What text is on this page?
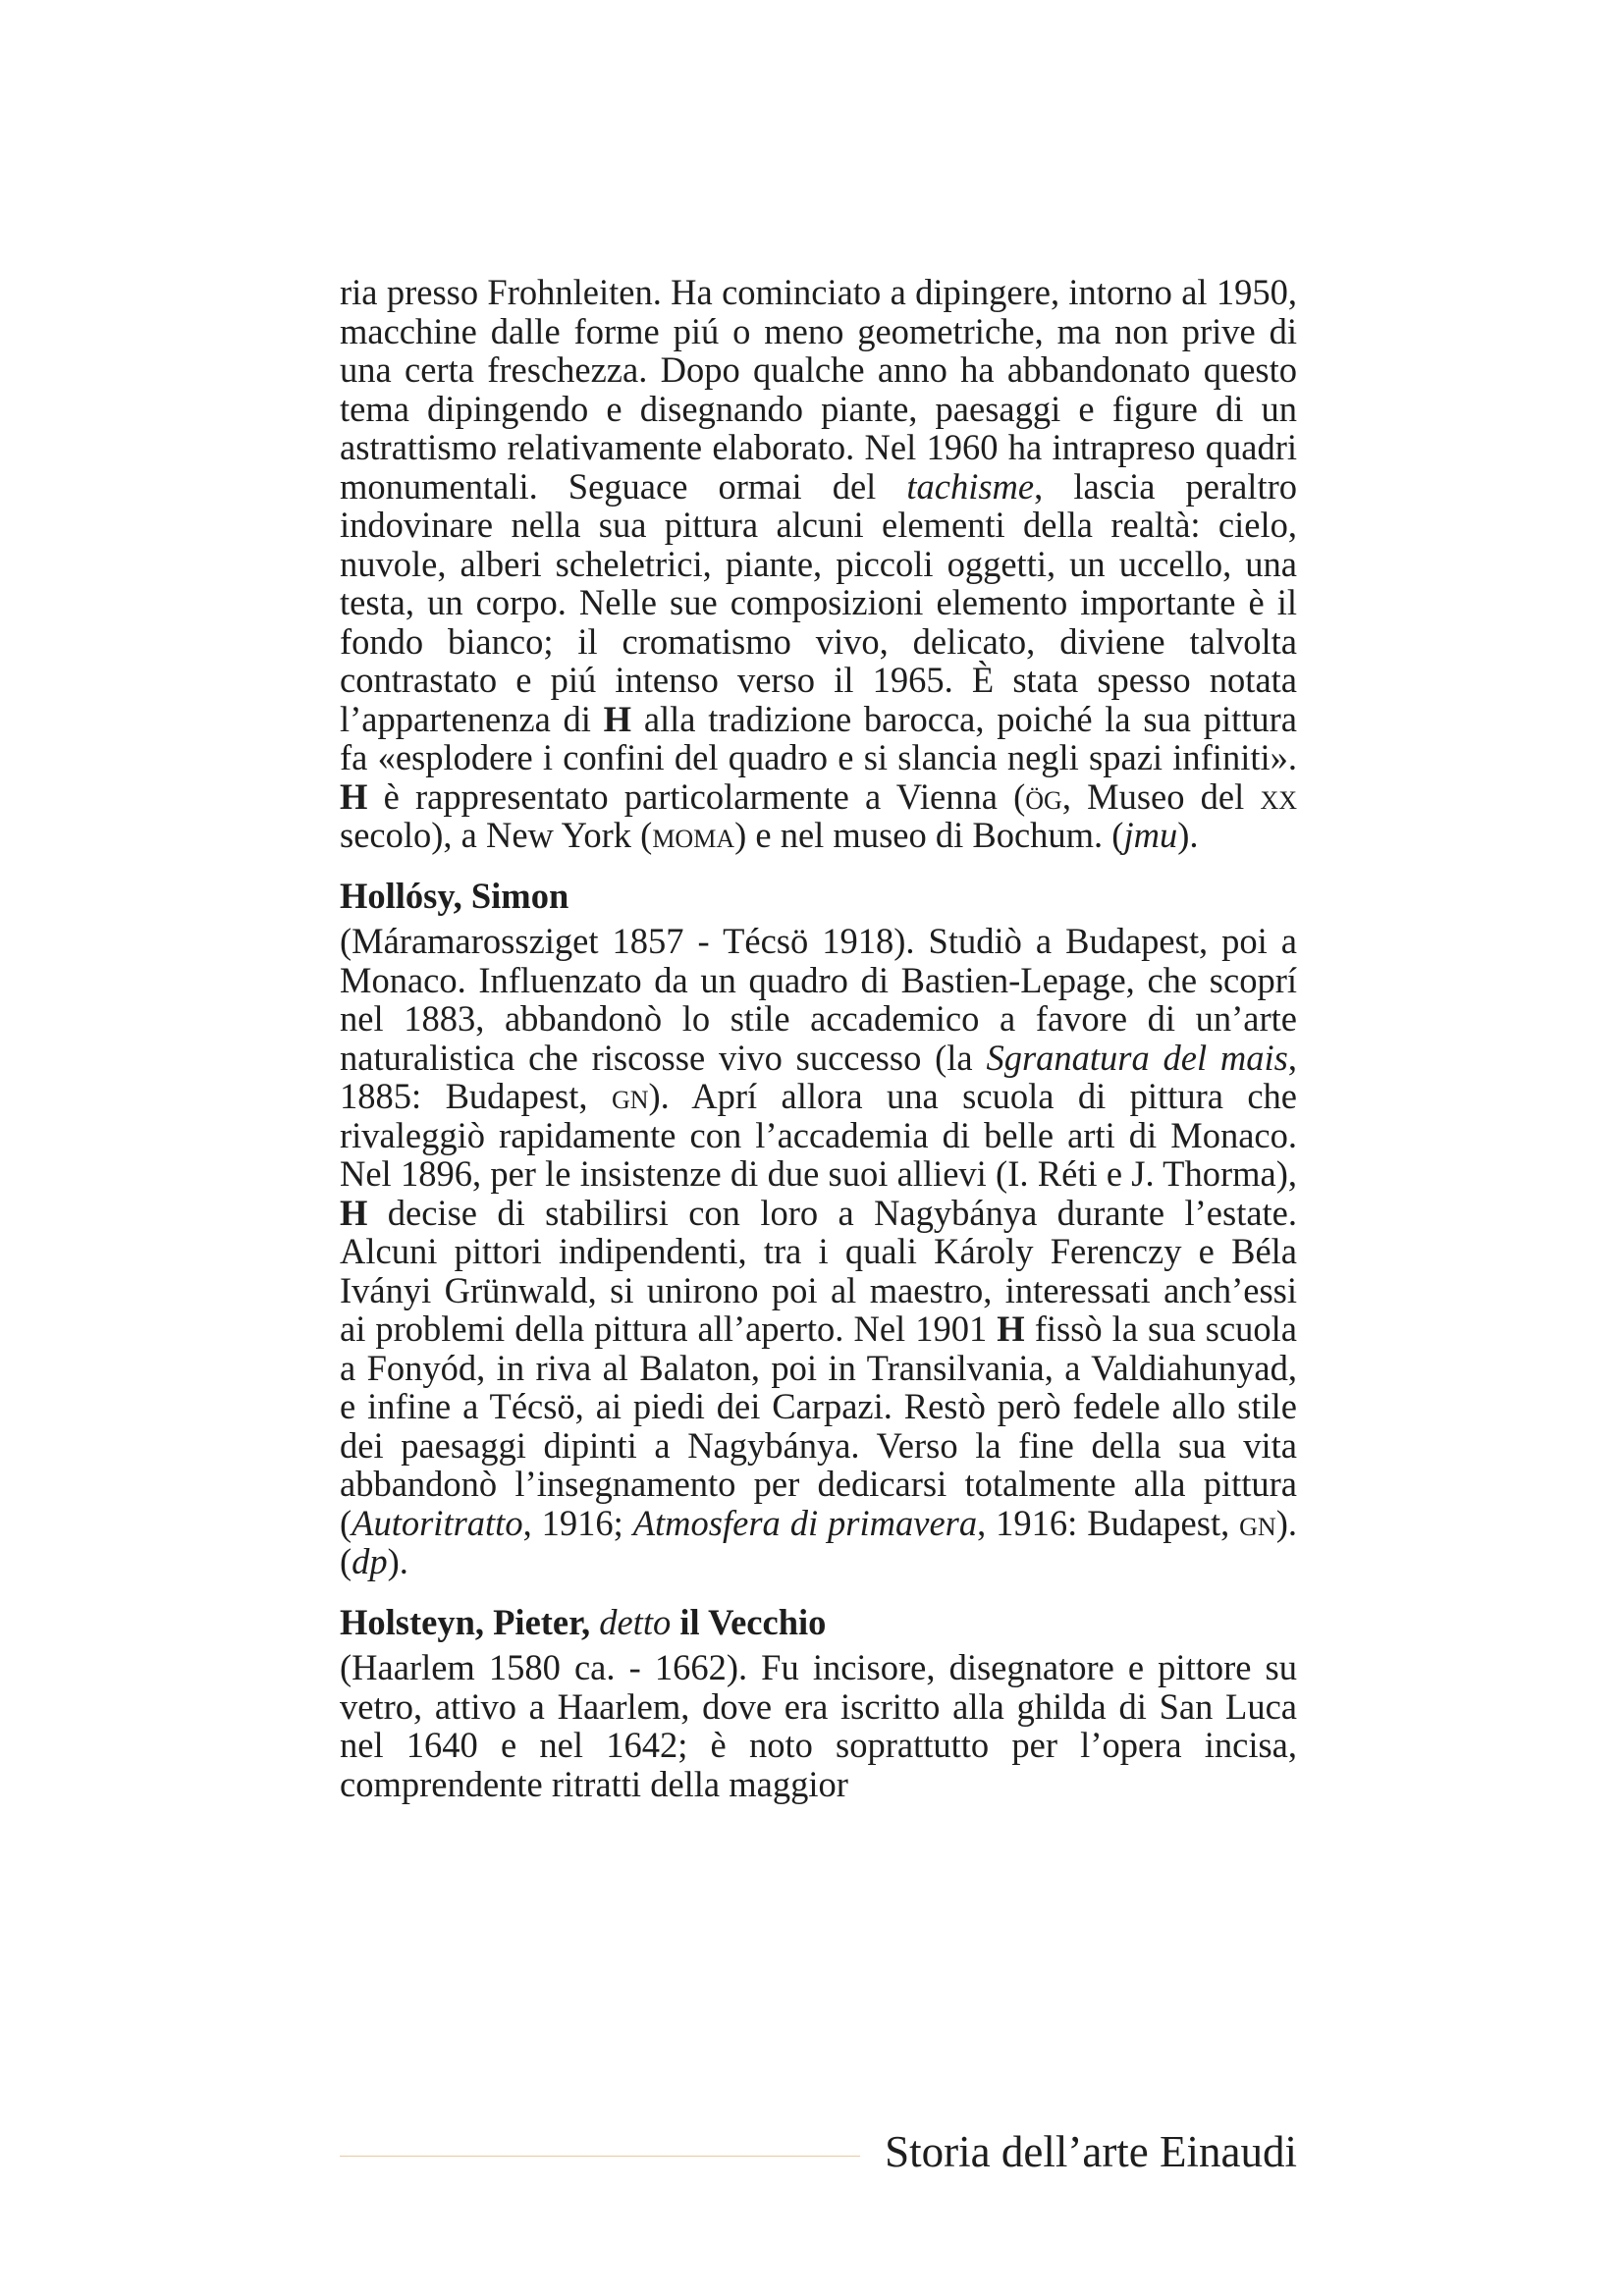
ria presso Frohnleiten. Ha cominciato a dipingere, intorno al 1950, macchine dalle forme piú o meno geometriche, ma non prive di una certa freschezza. Dopo qualche anno ha abbandonato questo tema dipingendo e disegnando piante, paesaggi e figure di un astrattismo relativamente elaborato. Nel 1960 ha intrapreso quadri monumentali. Seguace ormai del tachisme, lascia peraltro indovinare nella sua pittura alcuni elementi della realtà: cielo, nuvole, alberi scheletrici, piante, piccoli oggetti, un uccello, una testa, un corpo. Nelle sue composizioni elemento importante è il fondo bianco; il cromatismo vivo, delicato, diviene talvolta contrastato e piú intenso verso il 1965. È stata spesso notata l’appartenenza di H alla tradizione barocca, poiché la sua pittura fa «esplodere i confini del quadro e si slancia negli spazi infiniti». H è rappresentato particolarmente a Vienna (ög, Museo del xx secolo), a New York (moma) e nel museo di Bochum. (jmu).

Hollósy, Simon

(Máramarossziget 1857 - Técsö 1918). Studiò a Budapest, poi a Monaco. Influenzato da un quadro di Bastien-Lepage, che scoprí nel 1883, abbandonò lo stile accademico a favore di un’arte naturalistica che riscosse vivo successo (la Sgranatura del mais, 1885: Budapest, gn). Aprí allora una scuola di pittura che rivaleggiò rapidamente con l’accademia di belle arti di Monaco. Nel 1896, per le insistenze di due suoi allievi (I. Réti e J. Thorma), H decise di stabilirsi con loro a Nagybánya durante l’estate. Alcuni pittori indipendenti, tra i quali Károly Ferenczy e Béla Iványi Grünwald, si unirono poi al maestro, interessati anch’essi ai problemi della pittura all’aperto. Nel 1901 H fissò la sua scuola a Fonyód, in riva al Balaton, poi in Transilvania, a Valdiahunyad, e infine a Técsö, ai piedi dei Carpazi. Restò però fedele allo stile dei paesaggi dipinti a Nagybánya. Verso la fine della sua vita abbandonò l’insegnamento per dedicarsi totalmente alla pittura (Autoritratto, 1916; Atmosfera di primavera, 1916: Budapest, gn). (dp).

Holsteyn, Pieter, detto il Vecchio

(Haarlem 1580 ca. - 1662). Fu incisore, disegnatore e pittore su vetro, attivo a Haarlem, dove era iscritto alla ghilda di San Luca nel 1640 e nel 1642; è noto soprattutto per l’opera incisa, comprendente ritratti della maggior

Storia dell’arte Einaudi
